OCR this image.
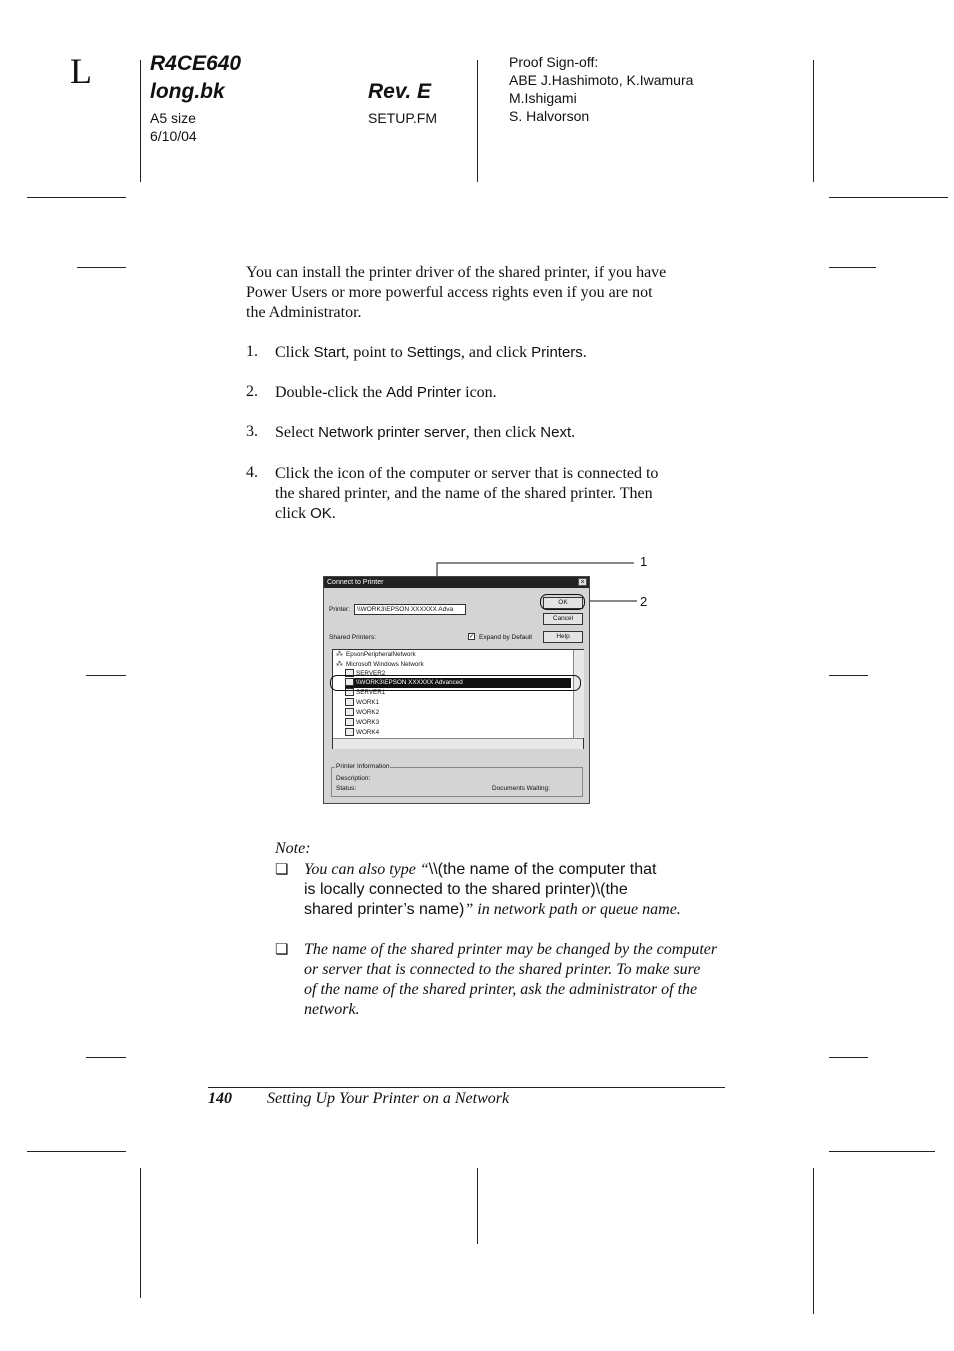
L	R4CE640
long.bk	Rev. E
A5 size
6/10/04
SETUP.FM
Proof Sign-off:
ABE J.Hashimoto, K.Iwamura
M.Ishigami
S. Halvorson
You can install the printer driver of the shared printer, if you have
Power Users or more powerful access rights even if you are not
the Administrator.
1. Click Start, point to Settings, and click Printers.
2. Double-click the Add Printer icon.
3. Select Network printer server, then click Next.
4. Click the icon of the computer or server that is connected to
the shared printer, and the name of the shared printer. Then
click OK.
1
2
Connect to Printer	×
Printer:	\\WORK3\EPSON XXXXXX Adva
OK
Cancel
Help
Shared Printers:	✓ Expand by Default
⁂ EpsonPeripheralNetwork
⁂ Microsoft Windows Network
SERVER2
\\WORK3\EPSON XXXXXX Advanced
SERVER1
WORK1
WORK2
WORK3
WORK4
Printer Information
Description:
Status:	Documents Waiting:
Note:
❏ You can also type “\\(the name of the computer that
is locally connected to the shared printer)\(the
shared printer’s name)” in network path or queue name.
❏ The name of the shared printer may be changed by the computer
or server that is connected to the shared printer. To make sure
of the name of the shared printer, ask the administrator of the
network.
140 Setting Up Your Printer on a Network
